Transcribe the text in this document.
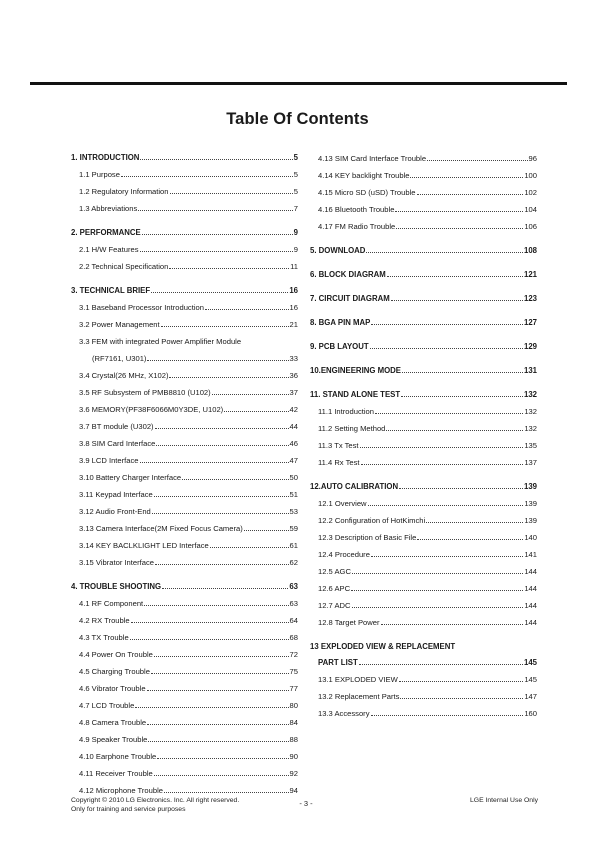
Table Of Contents
1. INTRODUCTION	5
1.1 Purpose	5
1.2 Regulatory Information	5
1.3 Abbreviations	7
2. PERFORMANCE	9
2.1 H/W Features	9
2.2 Technical Specification	11
3. TECHNICAL BRIEF	16
3.1 Baseband Processor Introduction	16
3.2 Power Management	21
3.3 FEM with integrated Power Amplifier Module
(RF7161, U301)	33
3.4 Crystal(26 MHz, X102)	36
3.5 RF Subsystem of PMB8810 (U102)	37
3.6 MEMORY(PF38F6066M0Y3DE, U102)	42
3.7 BT module (U302)	44
3.8 SIM Card Interface	46
3.9 LCD Interface	47
3.10 Battery Charger Interface	50
3.11 Keypad Interface	51
3.12 Audio Front-End	53
3.13 Camera Interface(2M Fixed Focus Camera)	59
3.14 KEY BACLKLIGHT LED Interface	61
3.15 Vibrator Interface	62
4. TROUBLE SHOOTING	63
4.1 RF Component	63
4.2 RX Trouble	64
4.3 TX Trouble	68
4.4 Power On Trouble	72
4.5 Charging Trouble	75
4.6 Vibrator Trouble	77
4.7 LCD Trouble	80
4.8 Camera Trouble	84
4.9 Speaker Trouble	88
4.10 Earphone Trouble	90
4.11 Receiver Trouble	92
4.12 Microphone Trouble	94
4.13 SIM Card Interface Trouble	96
4.14 KEY backlight Trouble	100
4.15 Micro SD (uSD) Trouble	102
4.16 Bluetooth Trouble	104
4.17 FM Radio Trouble	106
5. DOWNLOAD	108
6. BLOCK DIAGRAM	121
7. CIRCUIT DIAGRAM	123
8. BGA PIN MAP	127
9. PCB LAYOUT	129
10.ENGINEERING MODE	131
11. STAND ALONE TEST	132
11.1 Introduction	132
11.2 Setting Method	132
11.3 Tx Test	135
11.4 Rx Test	137
12.AUTO CALIBRATION	139
12.1 Overview	139
12.2 Configuration of HotKimchi	139
12.3 Description of Basic File	140
12.4 Procedure	141
12.5 AGC	144
12.6 APC	144
12.7 ADC	144
12.8 Target Power	144
13 EXPLODED VIEW & REPLACEMENT
PART LIST	145
13.1 EXPLODED VIEW	145
13.2 Replacement Parts	147
13.3 Accessory	160
Copyright © 2010 LG Electronics. Inc. All right reserved.
Only for training and service purposes
- 3 -	LGE Internal Use Only
